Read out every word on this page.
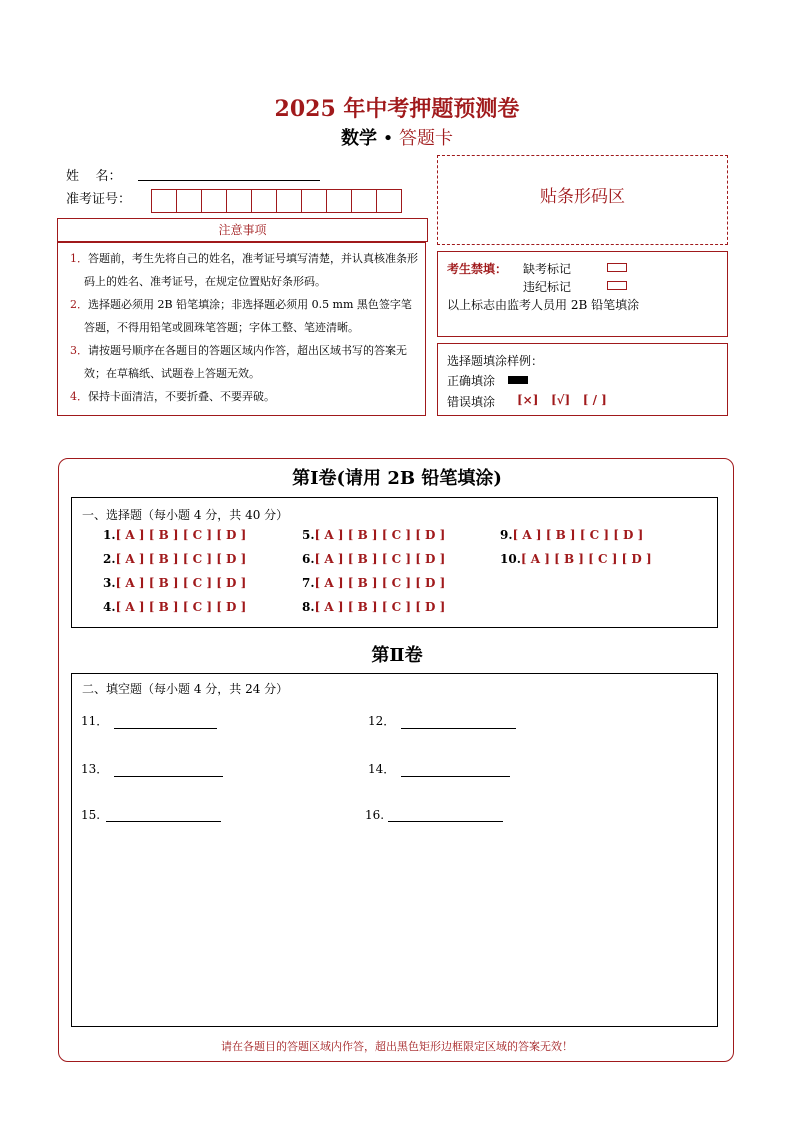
2025 年中考押题预测卷
数学 • 答题卡
姓    名：
准考证号：
注意事项

1．答题前，考生先将自己的姓名，准考证号填写清楚，并认真核准条形码上的姓名、准考证号，在规定位置贴好条形码。

2．选择题必须用 2B 铅笔填涂；非选择题必须用 0.5 mm 黑色签字笔答题，不得用铅笔或圆珠笔答题；字体工整、笔迹清晰。

3．请按题号顺序在各题目的答题区域内作答，超出区域书写的答案无效；在草稿纸、试题卷上答题无效。

4．保持卡面清洁，不要折叠、不要弄破。

贴条形码区
考生禁填： 缺考标记
违纪标记
以上标志由监考人员用 2B 铅笔填涂
选择题填涂样例：
正确填涂
错误填涂 [×]   [√]   [ / ]
第Ⅰ卷(请用 2B 铅笔填涂)
一、选择题（每小题 4 分，共 40 分）
1.[ A ] [ B ] [ C ] [ D ]
2.[ A ] [ B ] [ C ] [ D ]
3.[ A ] [ B ] [ C ] [ D ]
4.[ A ] [ B ] [ C ] [ D ]
5.[ A ] [ B ] [ C ] [ D ]
6.[ A ] [ B ] [ C ] [ D ]
7.[ A ] [ B ] [ C ] [ D ]
8.[ A ] [ B ] [ C ] [ D ]
9.[ A ] [ B ] [ C ] [ D ]
10.[ A ] [ B ] [ C ] [ D ]
第Ⅱ卷
二、填空题（每小题 4 分，共 24 分）
11．	12．
13．	14．
15.	16.
请在各题目的答题区域内作答，超出黑色矩形边框限定区域的答案无效！
